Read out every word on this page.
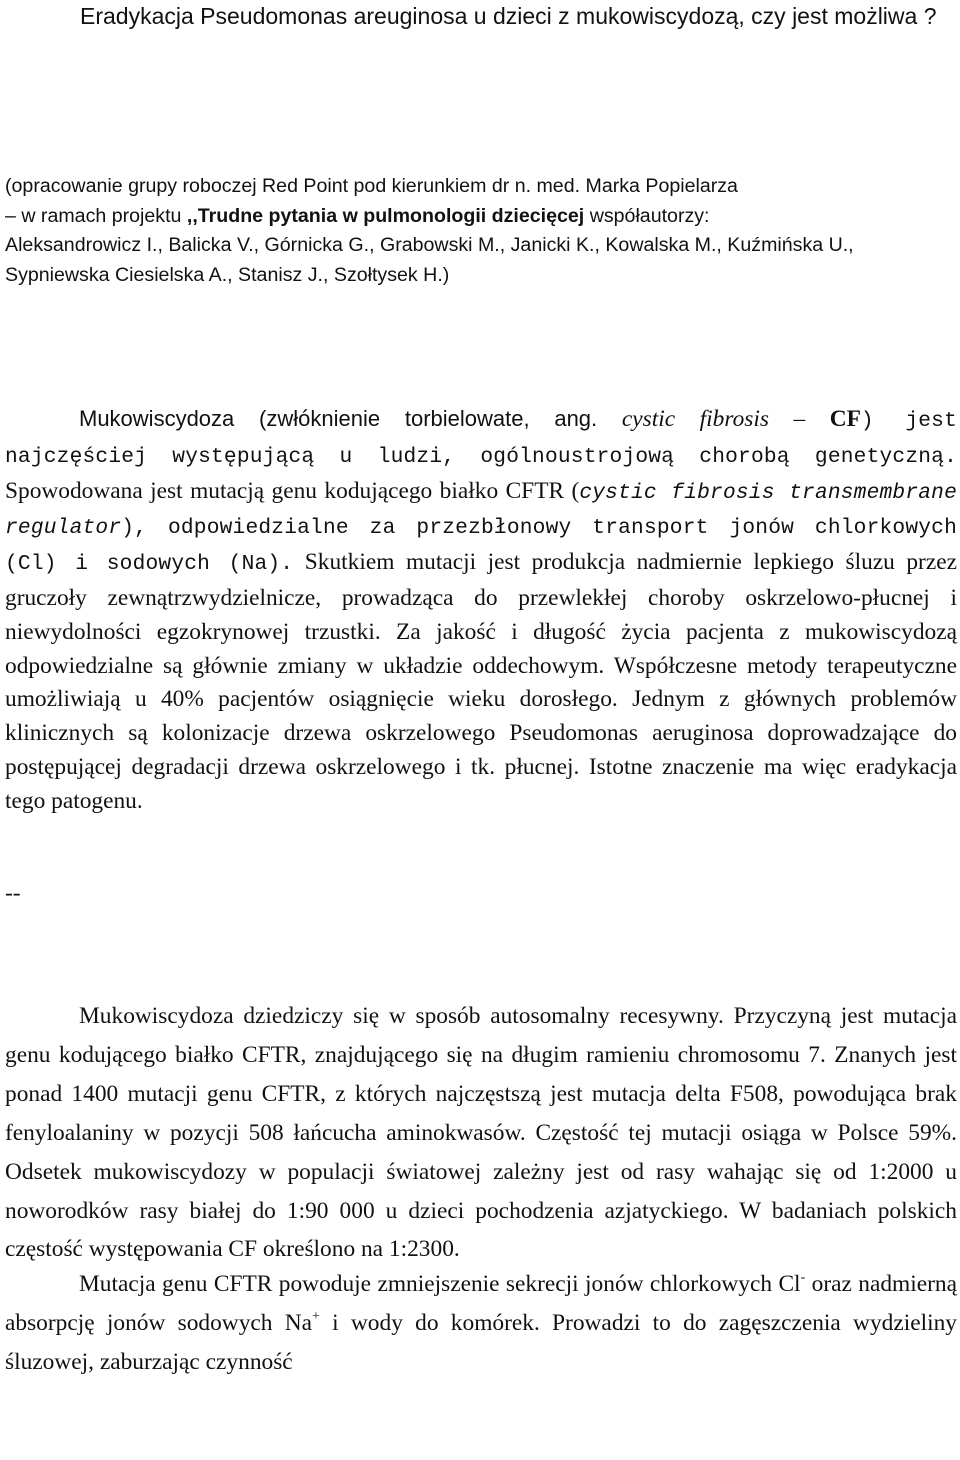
Eradykacja Pseudomonas areuginosa u dzieci z mukowiscydozą, czy jest możliwa ?
(opracowanie grupy roboczej Red Point pod kierunkiem dr n. med. Marka Popielarza
– w ramach projektu ,,Trudne pytania w pulmonologii dziecięcej współautorzy:
Aleksandrowicz I., Balicka V., Górnicka G., Grabowski M., Janicki K., Kowalska M., Kuźmińska U., Sypniewska Ciesielska A., Stanisz J., Szołtysek H.)

Mukowiscydoza (zwłóknienie torbielowate, ang. cystic fibrosis – CF) jest najczęściej występującą u ludzi, ogólnoustrojową chorobą genetyczną. Spowodowana jest mutacją genu kodującego białko CFTR (cystic fibrosis transmembrane regulator), odpowiedzialne za przezbłonowy transport jonów chlorkowych (Cl) i sodowych (Na). Skutkiem mutacji jest produkcja nadmiernie lepkiego śluzu przez gruczoły zewnątrzwydzielnicze, prowadząca do przewlekłej choroby oskrzelowo-płucnej i niewydolności egzokrynowej trzustki. Za jakość i długość życia pacjenta z mukowiscydozą odpowiedzialne są głównie zmiany w układzie oddechowym. Współczesne metody terapeutyczne umożliwiają u 40% pacjentów osiągnięcie wieku dorosłego. Jednym z głównych problemów klinicznych są kolonizacje drzewa oskrzelowego Pseudomonas aeruginosa doprowadzające do postępującej degradacji drzewa oskrzelowego i tk. płucnej. Istotne znaczenie ma więc eradykacja tego patogenu.

--

Mukowiscydoza dziedziczy się w sposób autosomalny recesywny. Przyczyną jest mutacja genu kodującego białko CFTR, znajdującego się na długim ramieniu chromosomu 7. Znanych jest ponad 1400 mutacji genu CFTR, z których najczęstszą jest mutacja delta F508, powodująca brak fenyloalaniny w pozycji 508 łańcucha aminokwasów. Częstość tej mutacji osiąga w Polsce 59%. Odsetek mukowiscydozy w populacji światowej zależny jest od rasy wahając się od 1:2000 u noworodków rasy białej do 1:90 000 u dzieci pochodzenia azjatyckiego. W badaniach polskich częstość występowania CF określono na 1:2300.

Mutacja genu CFTR powoduje zmniejszenie sekrecji jonów chlorkowych Cl- oraz nadmierną absorpcję jonów sodowych Na+ i wody do komórek. Prowadzi to do zagęszczenia wydzieliny śluzowej, zaburzając czynność
